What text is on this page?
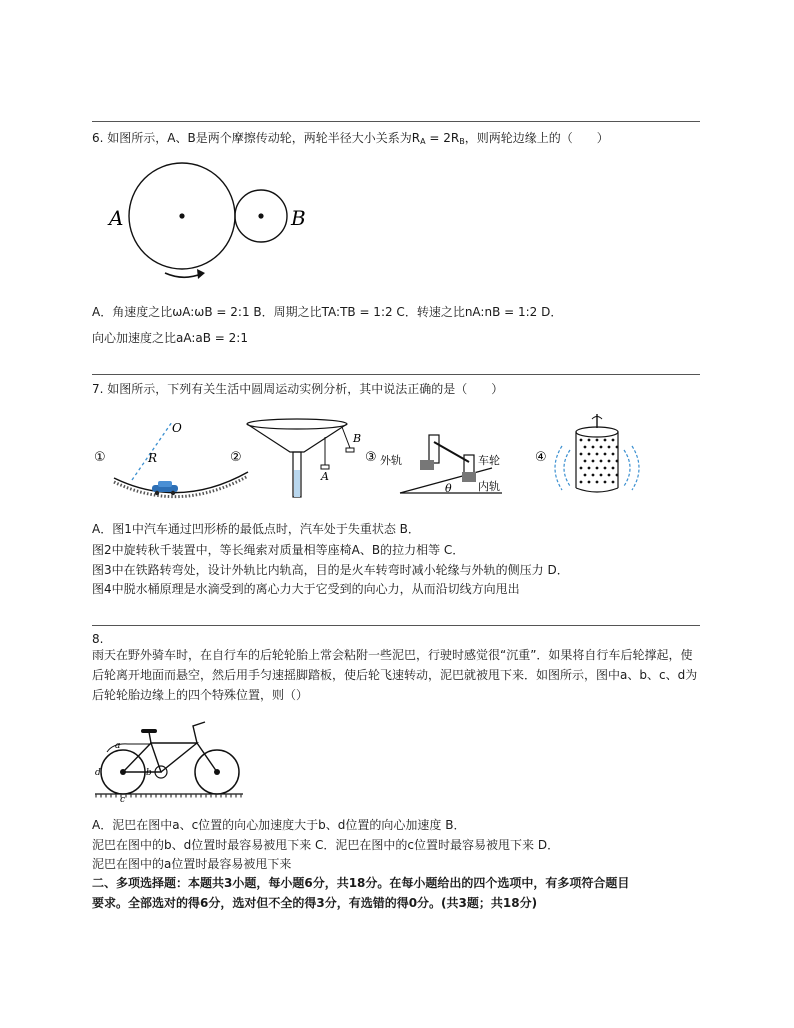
6. 如图所示，A、B是两个摩擦传动轮，两轮半径大小关系为$R_A = 2R_B$，则两轮边缘上的（　　）
A	B
A．角速度之比ωA:ωB = 2:1 B．周期之比TA:TB = 1:2 C．转速之比nA:nB = 1:2 D．
向心加速度之比aA:aB = 2:1
7. 如图所示，下列有关生活中圆周运动实例分析，其中说法正确的是（　　）
①
O
R	②
A
B
③ 外轨	车轮
内轨
θ
④
A．图1中汽车通过凹形桥的最低点时，汽车处于失重状态 B．
图2中旋转秋千装置中，等长绳索对质量相等座椅A、B的拉力相等 C．
图3中在铁路转弯处，设计外轨比内轨高，目的是火车转弯时减小轮缘与外轨的侧压力 D．
图4中脱水桶原理是水滴受到的离心力大于它受到的向心力，从而沿切线方向甩出
8.
雨天在野外骑车时，在自行车的后轮轮胎上常会粘附一些泥巴，行驶时感觉很“沉重”．如果将自行车后轮撑起，使后轮离开地面而悬空，然后用手匀速摇脚踏板，使后轮飞速转动，泥巴就被甩下来．如图所示，图中a、b、c、d为后轮轮胎边缘上的四个特殊位置，则（）
a
b
c
d
A．泥巴在图中a、c位置的向心加速度大于b、d位置的向心加速度 B．
泥巴在图中的b、d位置时最容易被甩下来 C．泥巴在图中的c位置时最容易被甩下来 D．
泥巴在图中的a位置时最容易被甩下来
二、多项选择题：本题共3小题，每小题6分，共18分。在每小题给出的四个选项中，有多项符合题目
要求。全部选对的得6分，选对但不全的得3分，有选错的得0分。(共3题；共18分)
